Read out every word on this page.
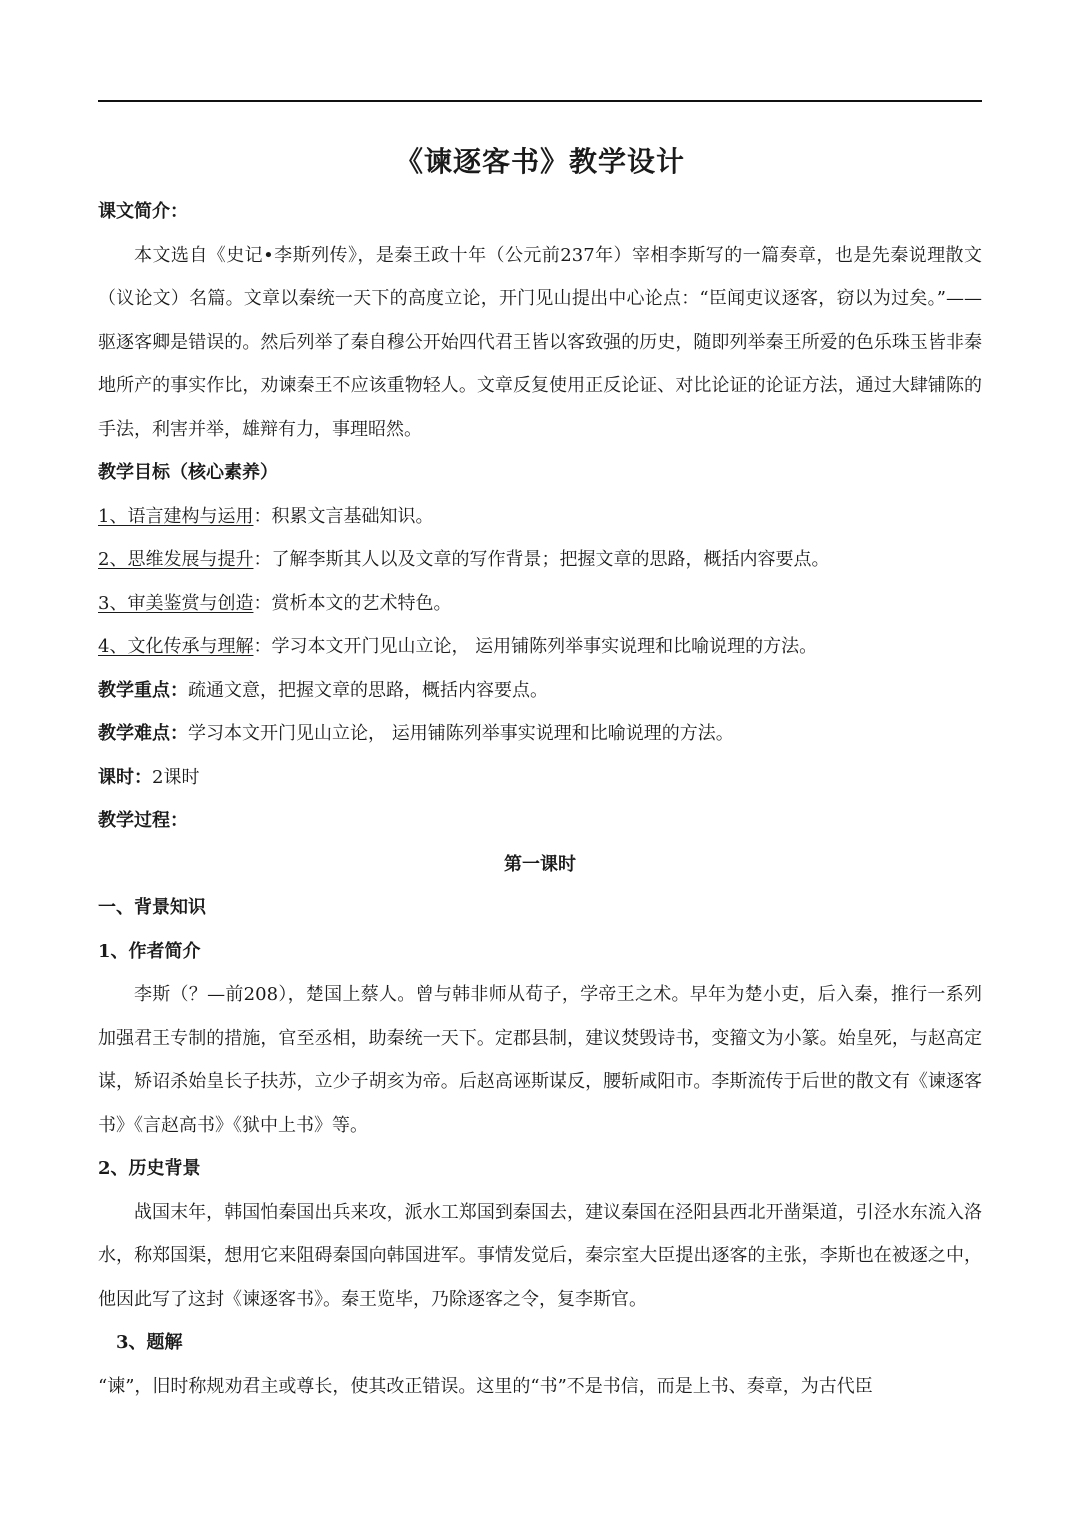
《谏逐客书》教学设计

课文简介：

本文选自《史记•李斯列传》，是秦王政十年（公元前237年）宰相李斯写的一篇奏章，也是先秦说理散文（议论文）名篇。文章以秦统一天下的高度立论，开门见山提出中心论点：“臣闻吏议逐客，窃以为过矣。”——驱逐客卿是错误的。然后列举了秦自穆公开始四代君王皆以客致强的历史，随即列举秦王所爱的色乐珠玉皆非秦地所产的事实作比，劝谏秦王不应该重物轻人。文章反复使用正反论证、对比论证的论证方法，通过大肆铺陈的手法，利害并举，雄辩有力，事理昭然。

教学目标（核心素养）

1、语言建构与运用：积累文言基础知识。

2、思维发展与提升：了解李斯其人以及文章的写作背景；把握文章的思路，概括内容要点。

3、审美鉴赏与创造：赏析本文的艺术特色。

4、文化传承与理解：学习本文开门见山立论， 运用铺陈列举事实说理和比喻说理的方法。

教学重点：疏通文意，把握文章的思路，概括内容要点。

教学难点：学习本文开门见山立论， 运用铺陈列举事实说理和比喻说理的方法。

课时：2课时

教学过程：

第一课时

一、背景知识

1、作者简介

李斯（？—前208），楚国上蔡人。曾与韩非师从荀子，学帝王之术。早年为楚小吏，后入秦，推行一系列加强君王专制的措施，官至丞相，助秦统一天下。定郡县制，建议焚毁诗书，变籀文为小篆。始皇死，与赵高定谋，矫诏杀始皇长子扶苏，立少子胡亥为帝。后赵高诬斯谋反，腰斩咸阳市。李斯流传于后世的散文有《谏逐客书》《言赵高书》《狱中上书》等。

2、历史背景

战国末年，韩国怕秦国出兵来攻，派水工郑国到秦国去，建议秦国在泾阳县西北开凿渠道，引泾水东流入洛水，称郑国渠，想用它来阻碍秦国向韩国进军。事情发觉后，秦宗室大臣提出逐客的主张，李斯也在被逐之中，他因此写了这封《谏逐客书》。秦王览毕，乃除逐客之令，复李斯官。

3、题解

“谏”，旧时称规劝君主或尊长，使其改正错误。这里的“书”不是书信，而是上书、奏章，为古代臣
